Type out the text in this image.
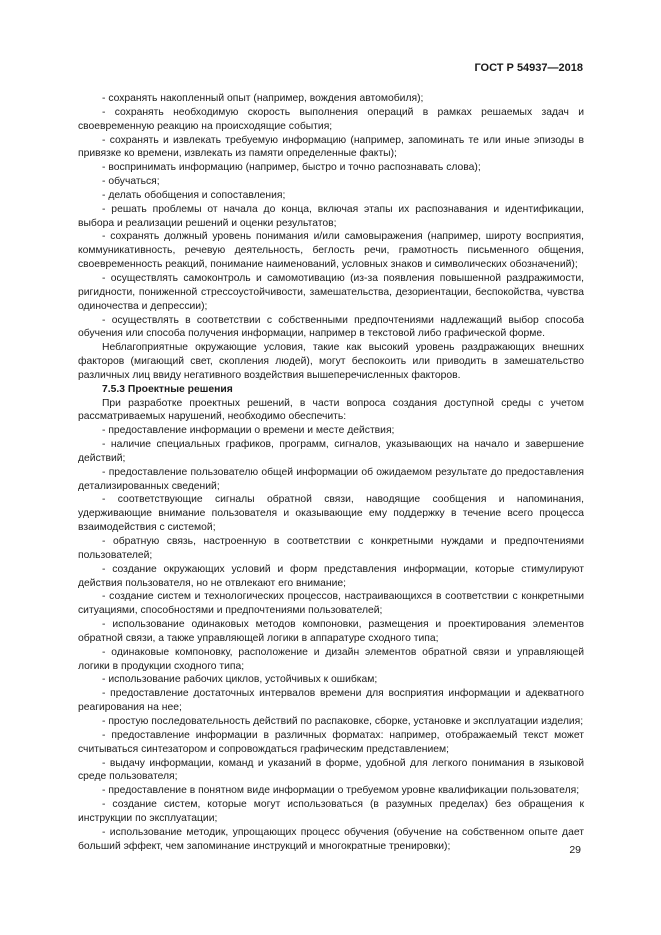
ГОСТ Р 54937—2018

- сохранять накопленный опыт (например, вождения автомобиля);

- сохранять необходимую скорость выполнения операций в рамках решаемых задач и своевременную реакцию на происходящие события;

- сохранять и извлекать требуемую информацию (например, запоминать те или иные эпизоды в привязке ко времени, извлекать из памяти определенные факты);

- воспринимать информацию (например, быстро и точно распознавать слова);

- обучаться;

- делать обобщения и сопоставления;

- решать проблемы от начала до конца, включая этапы их распознавания и идентификации, выбора и реализации решений и оценки результатов;

- сохранять должный уровень понимания и/или самовыражения (например, широту восприятия, коммуникативность, речевую деятельность, беглость речи, грамотность письменного общения, своевременность реакций, понимание наименований, условных знаков и символических обозначений);

- осуществлять самоконтроль и самомотивацию (из-за появления повышенной раздражимости, ригидности, пониженной стрессоустойчивости, замешательства, дезориентации, беспокойства, чувства одиночества и депрессии);

- осуществлять в соответствии с собственными предпочтениями надлежащий выбор способа обучения или способа получения информации, например в текстовой либо графической форме.

Неблагоприятные окружающие условия, такие как высокий уровень раздражающих внешних факторов (мигающий свет, скопления людей), могут беспокоить или приводить в замешательство различных лиц ввиду негативного воздействия вышеперечисленных факторов.

7.5.3 Проектные решения

При разработке проектных решений, в части вопроса создания доступной среды с учетом рассматриваемых нарушений, необходимо обеспечить:

- предоставление информации о времени и месте действия;

- наличие специальных графиков, программ, сигналов, указывающих на начало и завершение действий;

- предоставление пользователю общей информации об ожидаемом результате до предоставления детализированных сведений;

- соответствующие сигналы обратной связи, наводящие сообщения и напоминания, удерживающие внимание пользователя и оказывающие ему поддержку в течение всего процесса взаимодействия с системой;

- обратную связь, настроенную в соответствии с конкретными нуждами и предпочтениями пользователей;

- создание окружающих условий и форм представления информации, которые стимулируют действия пользователя, но не отвлекают его внимание;

- создание систем и технологических процессов, настраивающихся в соответствии с конкретными ситуациями, способностями и предпочтениями пользователей;

- использование одинаковых методов компоновки, размещения и проектирования элементов обратной связи, а также управляющей логики в аппаратуре сходного типа;

- одинаковые компоновку, расположение и дизайн элементов обратной связи и управляющей логики в продукции сходного типа;

- использование рабочих циклов, устойчивых к ошибкам;

- предоставление достаточных интервалов времени для восприятия информации и адекватного реагирования на нее;

- простую последовательность действий по распаковке, сборке, установке и эксплуатации изделия;

- предоставление информации в различных форматах: например, отображаемый текст может считываться синтезатором и сопровождаться графическим представлением;

- выдачу информации, команд и указаний в форме, удобной для легкого понимания в языковой среде пользователя;

- предоставление в понятном виде информации о требуемом уровне квалификации пользователя;

- создание систем, которые могут использоваться (в разумных пределах) без обращения к инструкции по эксплуатации;

- использование методик, упрощающих процесс обучения (обучение на собственном опыте дает больший эффект, чем запоминание инструкций и многократные тренировки);	29
